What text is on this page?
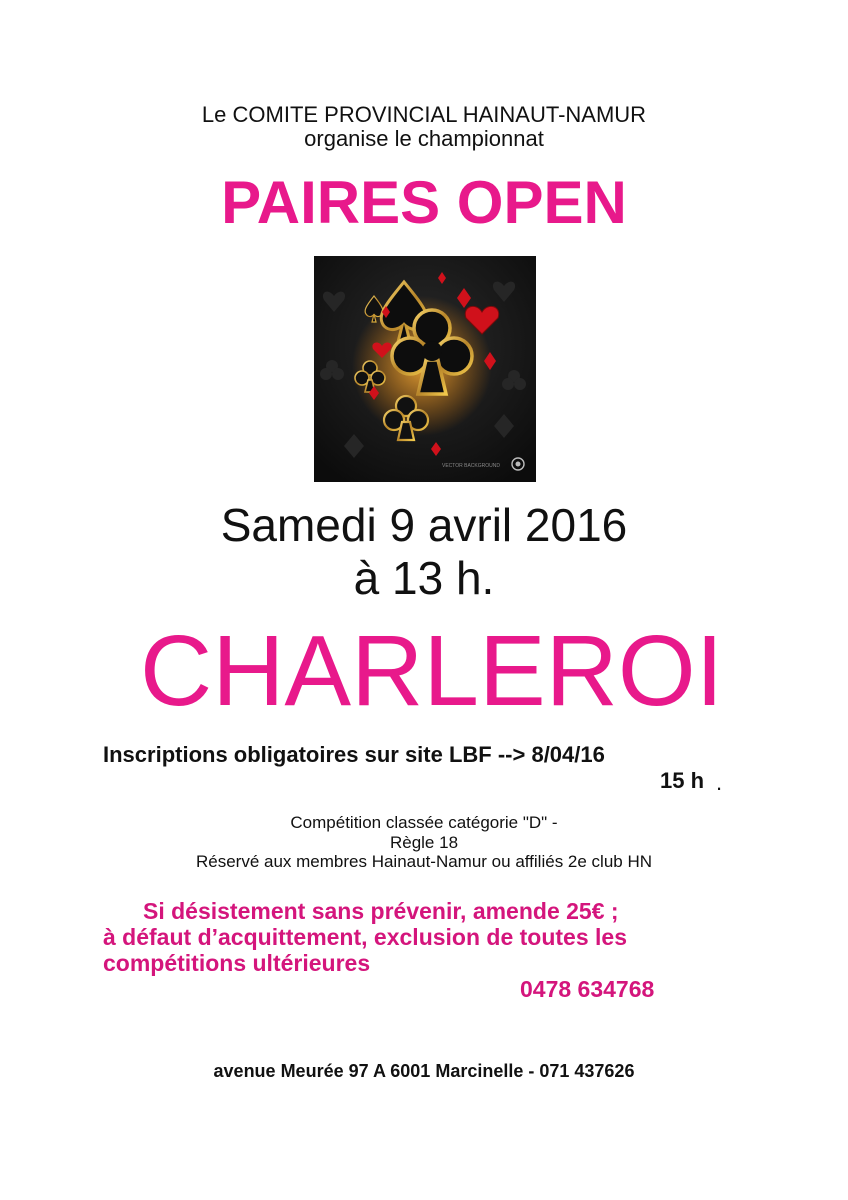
Le COMITE PROVINCIAL HAINAUT-NAMUR
organise le championnat
PAIRES OPEN
VECTOR BACKGROUND
Samedi 9 avril 2016
à 13 h.
CHARLEROI
Inscriptions obligatoires sur site LBF --> 8/04/16
15 h .
Compétition classée catégorie "D" -
Règle 18
Réservé aux membres Hainaut-Namur ou affiliés 2e club HN
Si désistement sans prévenir, amende 25€ ;
à défaut d’acquittement, exclusion de toutes les
compétitions ultérieures
0478 634768
avenue Meurée 97 A 6001 Marcinelle - 071 437626
